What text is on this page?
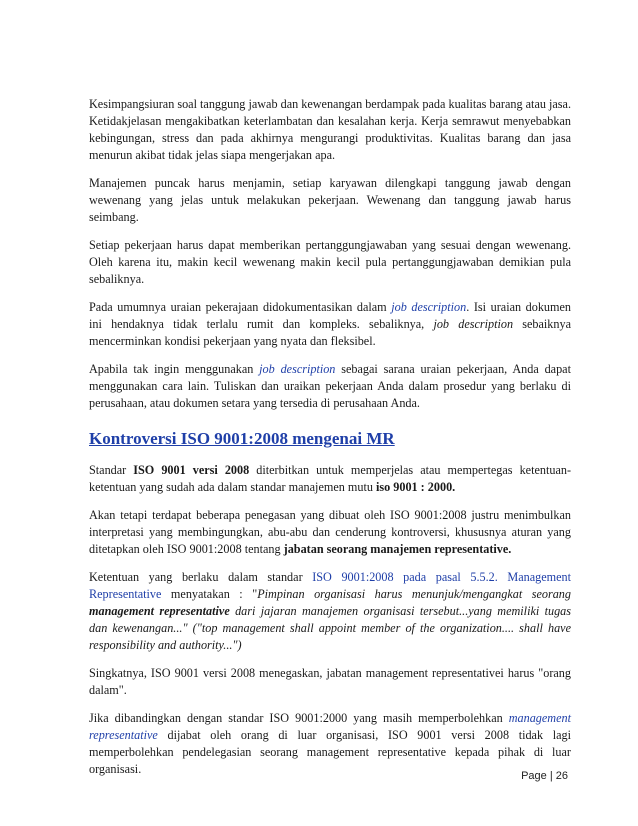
Kesimpangsiuran soal tanggung jawab dan kewenangan berdampak pada kualitas barang atau jasa. Ketidakjelasan mengakibatkan keterlambatan dan kesalahan kerja. Kerja semrawut menyebabkan kebingungan, stress dan pada akhirnya mengurangi produktivitas. Kualitas barang dan jasa menurun akibat tidak jelas siapa mengerjakan apa.

Manajemen puncak harus menjamin, setiap karyawan dilengkapi tanggung jawab dengan wewenang yang jelas untuk melakukan pekerjaan. Wewenang dan tanggung jawab harus seimbang.

Setiap pekerjaan harus dapat memberikan pertanggungjawaban yang sesuai dengan wewenang. Oleh karena itu, makin kecil wewenang makin kecil pula pertanggungjawaban demikian pula sebaliknya.

Pada umumnya uraian pekerajaan didokumentasikan dalam job description. Isi uraian dokumen ini hendaknya tidak terlalu rumit dan kompleks. sebaliknya, job description sebaiknya mencerminkan kondisi pekerjaan yang nyata dan fleksibel.

Apabila tak ingin menggunakan job description sebagai sarana uraian pekerjaan, Anda dapat menggunakan cara lain. Tuliskan dan uraikan pekerjaan Anda dalam prosedur yang berlaku di perusahaan, atau dokumen setara yang tersedia di perusahaan Anda.

Kontroversi ISO 9001:2008 mengenai MR

Standar ISO 9001 versi 2008 diterbitkan untuk memperjelas atau mempertegas ketentuan-ketentuan yang sudah ada dalam standar manajemen mutu iso 9001 : 2000.

Akan tetapi terdapat beberapa penegasan yang dibuat oleh ISO 9001:2008 justru menimbulkan interpretasi yang membingungkan, abu-abu dan cenderung kontroversi, khususnya aturan yang ditetapkan oleh ISO 9001:2008 tentang jabatan seorang manajemen representative.

Ketentuan yang berlaku dalam standar ISO 9001:2008 pada pasal 5.5.2. Management Representative menyatakan : "Pimpinan organisasi harus menunjuk/mengangkat seorang management representative dari jajaran manajemen organisasi tersebut...yang memiliki tugas dan kewenangan..." ("top management shall appoint member of the organization.... shall have responsibility and authority...")

Singkatnya, ISO 9001 versi 2008 menegaskan, jabatan management representativei harus "orang dalam".

Jika dibandingkan dengan standar ISO 9001:2000 yang masih memperbolehkan management representative dijabat oleh orang di luar organisasi, ISO 9001 versi 2008 tidak lagi memperbolehkan pendelegasian seorang management representative kepada pihak di luar organisasi.	Page | 26
